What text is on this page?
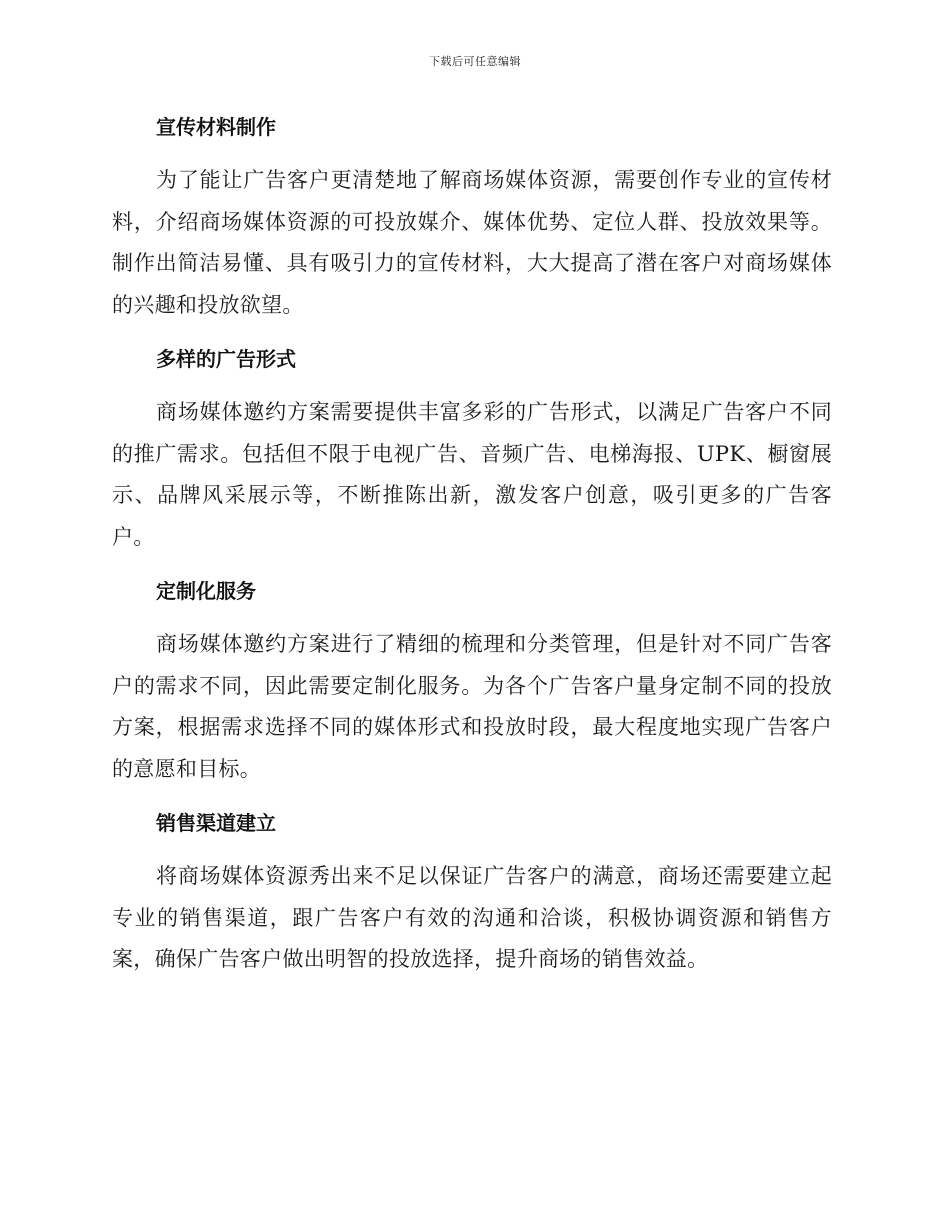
下载后可任意编辑
宣传材料制作

为了能让广告客户更清楚地了解商场媒体资源，需要创作专业的宣传材料，介绍商场媒体资源的可投放媒介、媒体优势、定位人群、投放效果等。制作出简洁易懂、具有吸引力的宣传材料，大大提高了潜在客户对商场媒体的兴趣和投放欲望。

多样的广告形式

商场媒体邀约方案需要提供丰富多彩的广告形式，以满足广告客户不同的推广需求。包括但不限于电视广告、音频广告、电梯海报、UPK、橱窗展示、品牌风采展示等，不断推陈出新，激发客户创意，吸引更多的广告客户。

定制化服务

商场媒体邀约方案进行了精细的梳理和分类管理，但是针对不同广告客户的需求不同，因此需要定制化服务。为各个广告客户量身定制不同的投放方案，根据需求选择不同的媒体形式和投放时段，最大程度地实现广告客户的意愿和目标。

销售渠道建立

将商场媒体资源秀出来不足以保证广告客户的满意，商场还需要建立起专业的销售渠道，跟广告客户有效的沟通和洽谈，积极协调资源和销售方案，确保广告客户做出明智的投放选择，提升商场的销售效益。
